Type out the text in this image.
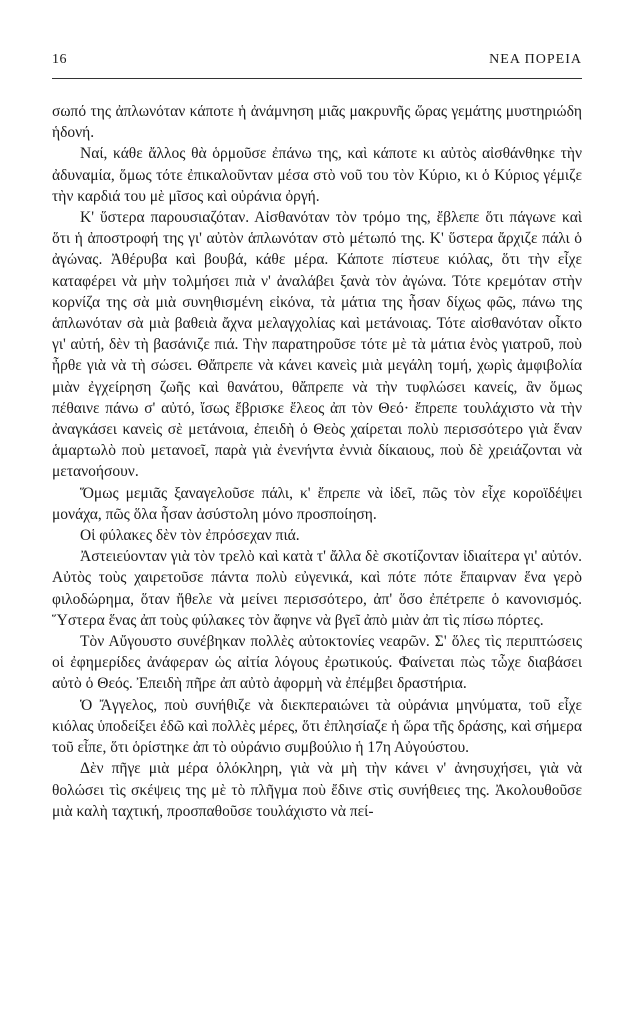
16	ΝΕΑ ΠΟΡΕΙΑ

σωπό της ἀπλωνόταν κάποτε ἡ ἀνάμνηση μιᾶς μακρυνῆς ὥρας γεμάτης μυστηριώδη ἡδονή.

Ναί, κάθε ἄλλος θὰ ὁρμοῦσε ἐπάνω της, καὶ κάποτε κι αὐτὸς αἰσθάνθηκε τὴν ἀδυναμία, ὅμως τότε ἐπικαλοῦνταν μέσα στὸ νοῦ του τὸν Κύριο, κι ὁ Κύριος γέμιζε τὴν καρδιά του μὲ μῖσος καὶ οὐράνια ὀργή.

Κ' ὕστερα παρουσιαζόταν. Αἰσθανόταν τὸν τρόμο της, ἔβλεπε ὅτι πάγωνε καὶ ὅτι ἡ ἀποστροφή της γι' αὐτὸν ἁπλωνόταν στὸ μέτωπό της. Κ' ὕστερα ἄρχιζε πάλι ὁ ἀγώνας. Ἀθέρυβα καὶ βουβά, κάθε μέρα. Κάποτε πίστευε κιόλας, ὅτι τὴν εἶχε καταφέρει νὰ μὴν τολμήσει πιὰ ν' ἀναλάβει ξανὰ τὸν ἀγώνα. Τότε κρεμόταν στὴν κορνίζα της σὰ μιὰ συνηθισμένη εἰκόνα, τὰ μάτια της ἦσαν δίχως φῶς, πάνω της ἁπλωνόταν σὰ μιὰ βαθειὰ ἄχνα μελαγχολίας καὶ μετάνοιας. Τότε αἰσθανόταν οἶκτο γι' αὐτή, δὲν τὴ βασάνιζε πιά. Τὴν παρατηροῦσε τότε μὲ τὰ μάτια ἑνὸς γιατροῦ, ποὺ ἦρθε γιὰ νὰ τὴ σώσει. Θἄπρεπε νὰ κάνει κανεὶς μιὰ μεγάλη τομή, χωρὶς ἀμφιβολία μιὰν ἐγχείρηση ζωῆς καὶ θανάτου, θἄπρεπε νὰ τὴν τυφλώσει κανείς, ἂν ὅμως πέθαινε πάνω σ' αὐτό, ἴσως ἔβρισκε ἔλεος ἀπ τὸν Θεό· ἔπρεπε τουλάχιστο νὰ τὴν ἀναγκάσει κανεὶς σὲ μετάνοια, ἐπειδὴ ὁ Θεὸς χαίρεται πολὺ περισσότερο γιὰ ἕναν ἁμαρτωλὸ ποὺ μετανοεῖ, παρὰ γιὰ ἐνενήντα ἐννιὰ δίκαιους, ποὺ δὲ χρειάζονται νὰ μετανοήσουν.

Ὅμως μεμιᾶς ξαναγελοῦσε πάλι, κ' ἔπρεπε νὰ ἰδεῖ, πῶς τὸν εἶχε κοροϊδέψει μονάχα, πῶς ὅλα ἦσαν ἀσύστολη μόνο προσποίηση.

Οἱ φύλακες δὲν τὸν ἐπρόσεχαν πιά.

Ἀστειεύονταν γιὰ τὸν τρελὸ καὶ κατὰ τ' ἄλλα δὲ σκοτίζονταν ἰδιαίτερα γι' αὐτόν. Αὐτὸς τοὺς χαιρετοῦσε πάντα πολὺ εὐγενικά, καὶ πότε πότε ἔπαιρναν ἕνα γερὸ φιλοδώρημα, ὅταν ἤθελε νὰ μείνει περισσότερο, ἀπ' ὅσο ἐπέτρεπε ὁ κανονισμός. Ὕστερα ἕνας ἀπ τοὺς φύλακες τὸν ἄφηνε νὰ βγεῖ ἀπὸ μιὰν ἀπ τὶς πίσω πόρτες.

Τὸν Αὔγουστο συνέβηκαν πολλὲς αὐτοκτονίες νεαρῶν. Σ' ὅλες τὶς περιπτώσεις οἱ ἐφημερίδες ἀνάφεραν ὡς αἰτία λόγους ἐρωτικούς. Φαίνεται πὼς τὧχε διαβάσει αὐτὸ ὁ Θεός. Ἐπειδὴ πῆρε ἀπ αὐτὸ ἀφορμὴ νὰ ἐπέμβει δραστήρια.

Ὁ Ἄγγελος, ποὺ συνήθιζε νὰ διεκπεραιώνει τὰ οὐράνια μηνύματα, τοῦ εἶχε κιόλας ὑποδείξει ἐδῶ καὶ πολλὲς μέρες, ὅτι ἐπλησίαζε ἡ ὥρα τῆς δράσης, καὶ σήμερα τοῦ εἶπε, ὅτι ὁρίστηκε ἀπ τὸ οὐράνιο συμβούλιο ἡ 17η Αὐγούστου.

Δὲν πῆγε μιὰ μέρα ὁλόκληρη, γιὰ νὰ μὴ τὴν κάνει ν' ἀνησυχήσει, γιὰ νὰ θολώσει τὶς σκέψεις της μὲ τὸ πλῆγμα ποὺ ἔδινε στὶς συνήθειες της. Ἀκολουθοῦσε μιὰ καλὴ ταχτική, προσπαθοῦσε τουλάχιστο νὰ πεί-
